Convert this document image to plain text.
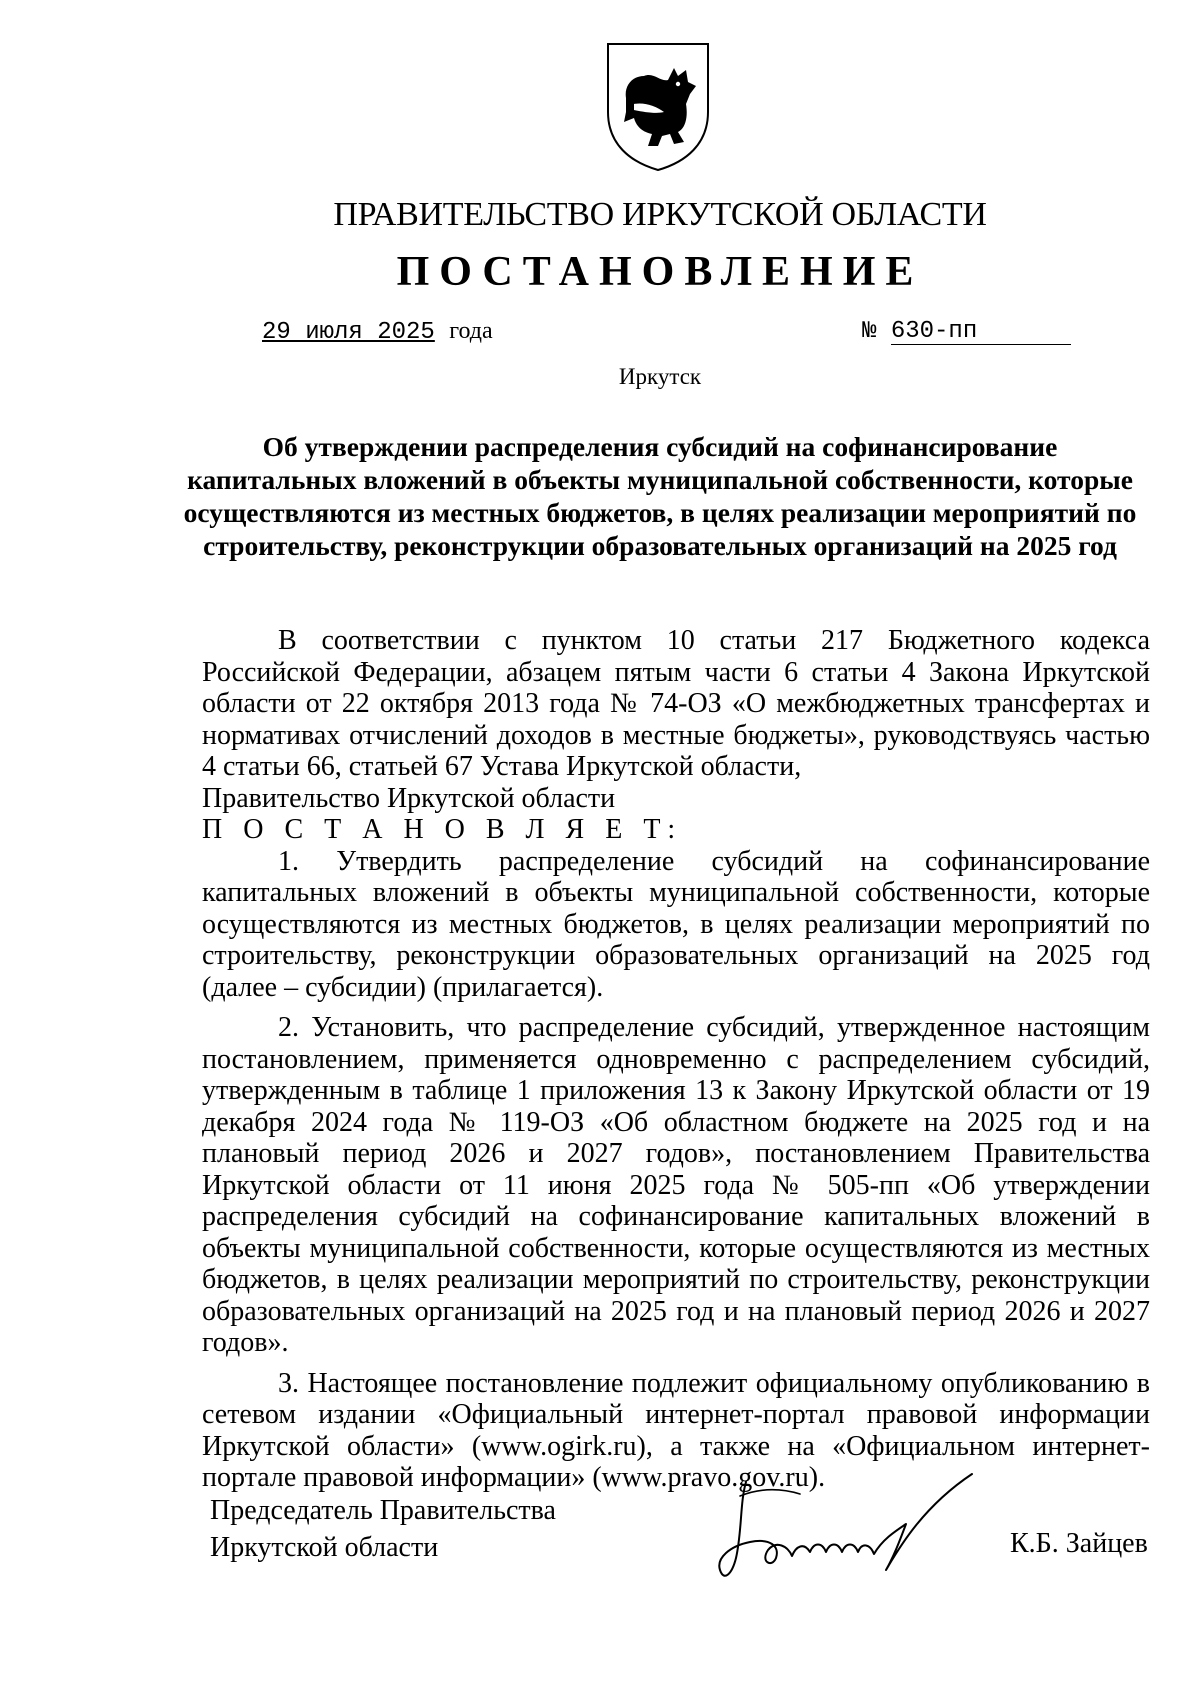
ПРАВИТЕЛЬСТВО ИРКУТСКОЙ ОБЛАСТИ
ПОСТАНОВЛЕНИЕ
29 июля 2025 года	№ 630-пп
Иркутск
Об утверждении распределения субсидий на софинансирование капитальных вложений в объекты муниципальной собственности, которые осуществляются из местных бюджетов, в целях реализации мероприятий по строительству, реконструкции образовательных организаций на 2025 год

В соответствии с пунктом 10 статьи 217 Бюджетного кодекса Российской Федерации, абзацем пятым части 6 статьи 4 Закона Иркутской области от 22 октября 2013 года № 74-ОЗ «О межбюджетных трансфертах и нормативах отчислений доходов в местные бюджеты», руководствуясь частью 4 статьи 66, статьей 67 Устава Иркутской области,

Правительство Иркутской области

П О С Т А Н О В Л Я Е Т:

1. Утвердить распределение субсидий на софинансирование капитальных вложений в объекты муниципальной собственности, которые осуществляются из местных бюджетов, в целях реализации мероприятий по строительству, реконструкции образовательных организаций на 2025 год (далее – субсидии) (прилагается).

2. Установить, что распределение субсидий, утвержденное настоящим постановлением, применяется одновременно с распределением субсидий, утвержденным в таблице 1 приложения 13 к Закону Иркутской области от 19 декабря 2024 года № 119-ОЗ «Об областном бюджете на 2025 год и на плановый период 2026 и 2027 годов», постановлением Правительства Иркутской области от 11 июня 2025 года № 505-пп «Об утверждении распределения субсидий на софинансирование капитальных вложений в объекты муниципальной собственности, которые осуществляются из местных бюджетов, в целях реализации мероприятий по строительству, реконструкции образовательных организаций на 2025 год и на плановый период 2026 и 2027 годов».

3. Настоящее постановление подлежит официальному опубликованию в сетевом издании «Официальный интернет-портал правовой информации Иркутской области» (www.ogirk.ru), а также на «Официальном интернет-портале правовой информации» (www.pravo.gov.ru).

Председатель Правительства
Иркутской области	К.Б. Зайцев
